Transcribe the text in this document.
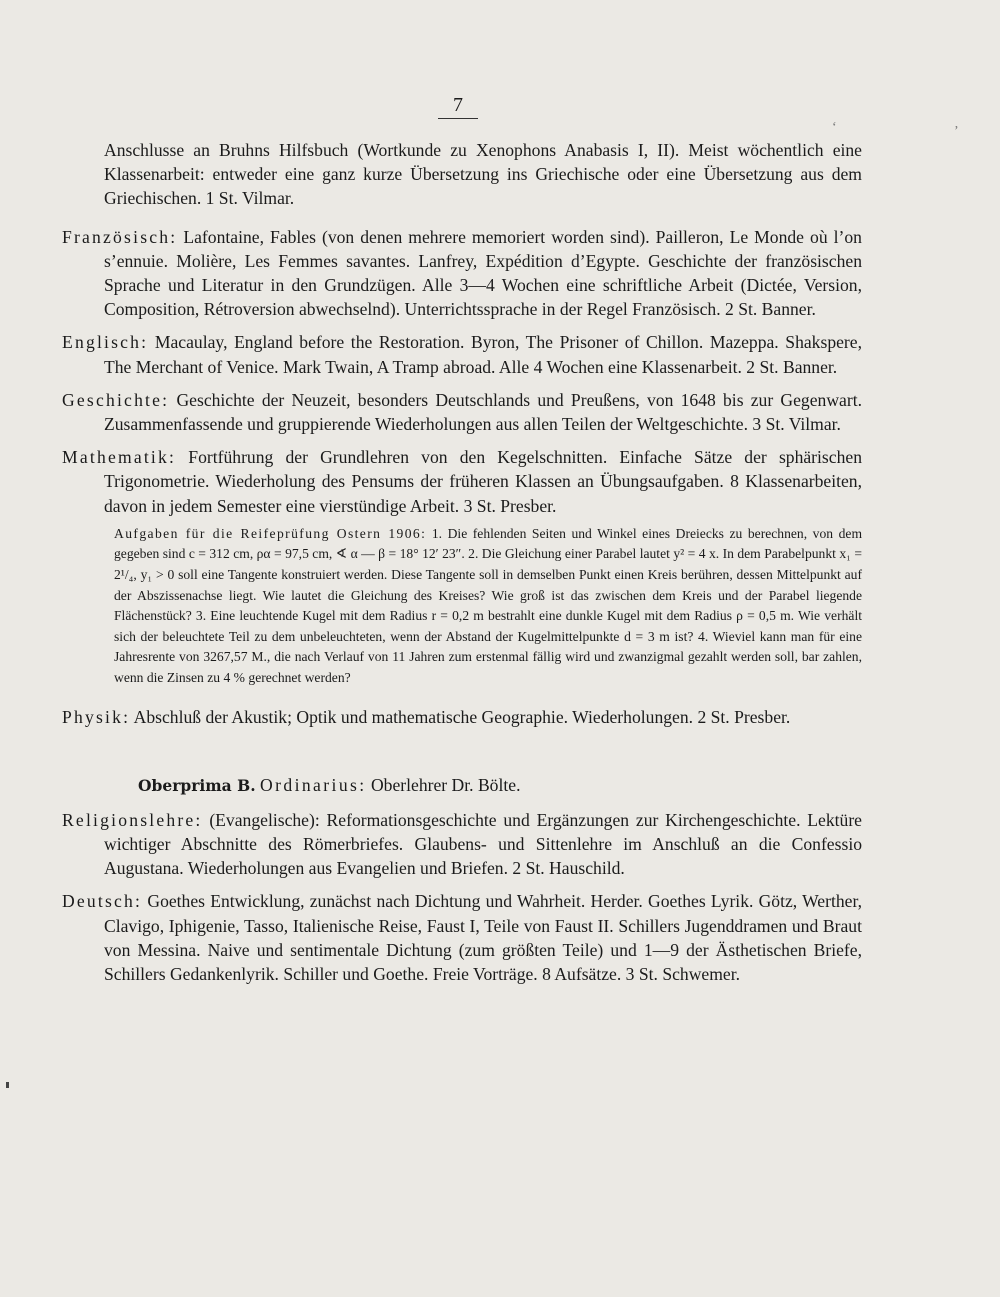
7
ʻ	ʼ

Anschlusse an Bruhns Hilfsbuch (Wortkunde zu Xenophons Anabasis I, II). Meist wöchentlich eine Klassenarbeit: entweder eine ganz kurze Übersetzung ins Griechische oder eine Übersetzung aus dem Griechischen. 1 St. Vilmar.

Französisch: Lafontaine, Fables (von denen mehrere memoriert worden sind). Pailleron, Le Monde où l’on s’ennuie. Molière, Les Femmes savantes. Lanfrey, Expédition d’Egypte. Geschichte der französischen Sprache und Literatur in den Grundzügen. Alle 3—4 Wochen eine schriftliche Arbeit (Dictée, Version, Composition, Rétroversion abwechselnd). Unterrichtssprache in der Regel Französisch. 2 St. Banner.

Englisch: Macaulay, England before the Restoration. Byron, The Prisoner of Chillon. Mazeppa. Shakspere, The Merchant of Venice. Mark Twain, A Tramp abroad. Alle 4 Wochen eine Klassenarbeit. 2 St. Banner.

Geschichte: Geschichte der Neuzeit, besonders Deutschlands und Preußens, von 1648 bis zur Gegenwart. Zusammenfassende und gruppierende Wiederholungen aus allen Teilen der Weltgeschichte. 3 St. Vilmar.

Mathematik: Fortführung der Grundlehren von den Kegelschnitten. Einfache Sätze der sphärischen Trigonometrie. Wiederholung des Pensums der früheren Klassen an Übungsaufgaben. 8 Klassenarbeiten, davon in jedem Semester eine vierstündige Arbeit. 3 St. Presber.

Aufgaben für die Reifeprüfung Ostern 1906: 1. Die fehlenden Seiten und Winkel eines Dreiecks zu berechnen, von dem gegeben sind c = 312 cm, ρα = 97,5 cm, ∢ α — β = 18° 12′ 23″. 2. Die Gleichung einer Parabel lautet y² = 4 x. In dem Parabelpunkt x₁ = 2¹/₄, y₁ > 0 soll eine Tangente konstruiert werden. Diese Tangente soll in demselben Punkt einen Kreis berühren, dessen Mittelpunkt auf der Abszissenachse liegt. Wie lautet die Gleichung des Kreises? Wie groß ist das zwischen dem Kreis und der Parabel liegende Flächenstück? 3. Eine leuchtende Kugel mit dem Radius r = 0,2 m bestrahlt eine dunkle Kugel mit dem Radius ρ = 0,5 m. Wie verhält sich der beleuchtete Teil zu dem unbeleuchteten, wenn der Abstand der Kugelmittelpunkte d = 3 m ist? 4. Wieviel kann man für eine Jahresrente von 3267,57 M., die nach Verlauf von 11 Jahren zum erstenmal fällig wird und zwanzigmal gezahlt werden soll, bar zahlen, wenn die Zinsen zu 4 % gerechnet werden?

Physik: Abschluß der Akustik; Optik und mathematische Geographie. Wiederholungen. 2 St. Presber.

Oberprima B. Ordinarius: Oberlehrer Dr. Bölte.

Religionslehre: (Evangelische): Reformationsgeschichte und Ergänzungen zur Kirchengeschichte. Lektüre wichtiger Abschnitte des Römerbriefes. Glaubens- und Sittenlehre im Anschluß an die Confessio Augustana. Wiederholungen aus Evangelien und Briefen. 2 St. Hauschild.

Deutsch: Goethes Entwicklung, zunächst nach Dichtung und Wahrheit. Herder. Goethes Lyrik. Götz, Werther, Clavigo, Iphigenie, Tasso, Italienische Reise, Faust I, Teile von Faust II. Schillers Jugenddramen und Braut von Messina. Naive und sentimentale Dichtung (zum größten Teile) und 1—9 der Ästhetischen Briefe, Schillers Gedankenlyrik. Schiller und Goethe. Freie Vorträge. 8 Aufsätze. 3 St. Schwemer.
